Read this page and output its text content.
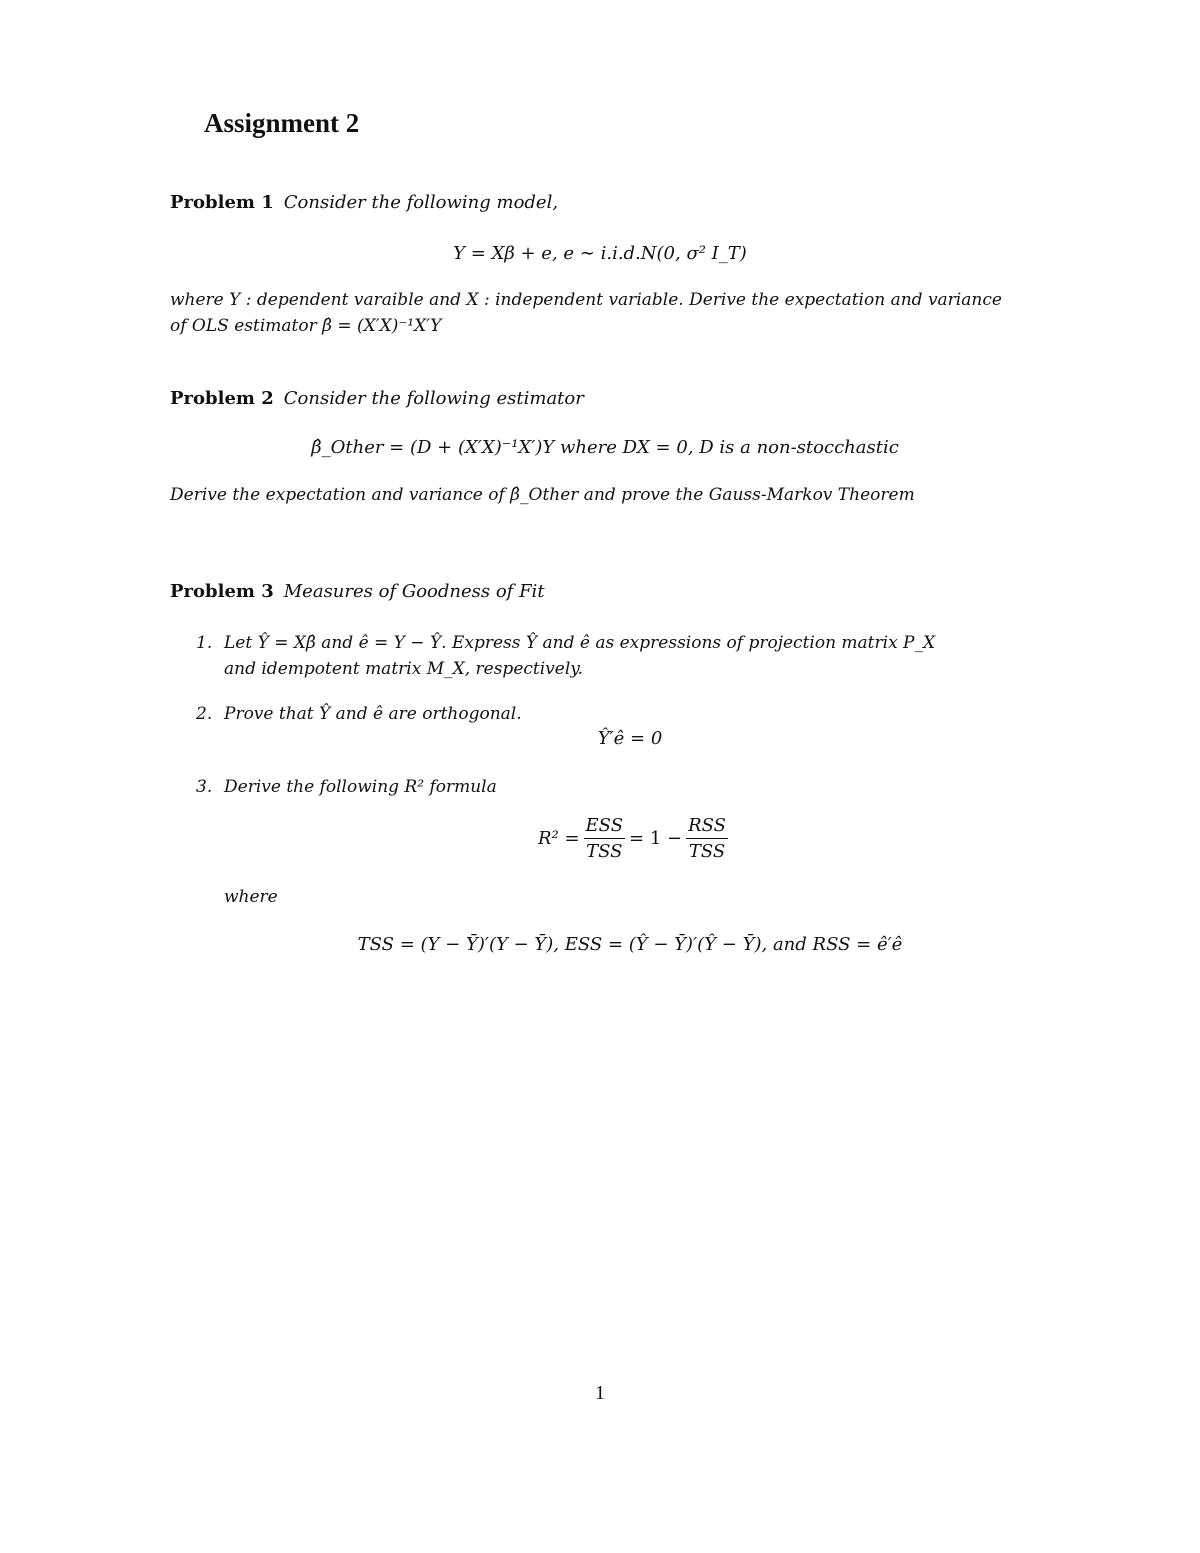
Assignment 2
Problem 1 Consider the following model,
Y = Xβ + e, e ∼ i.i.d.N(0, σ² I_T)
where Y : dependent varaible and X : independent variable. Derive the expectation and variance
of OLS estimator β̂ = (X′X)⁻¹X′Y
Problem 2 Consider the following estimator
β̂_Other = (D + (X′X)⁻¹X′)Y where DX = 0, D is a non-stocchastic
Derive the expectation and variance of β̂_Other and prove the Gauss-Markov Theorem
Problem 3 Measures of Goodness of Fit
1. Let Ŷ = Xβ̂ and ê = Y − Ŷ. Express Ŷ and ê as expressions of projection matrix P_X
and idempotent matrix M_X, respectively.
2. Prove that Ŷ and ê are orthogonal.
Ŷ′ê = 0
3. Derive the following R² formula
$R^2 = \frac{\text{ESS}}{\text{TSS}} = 1 - \frac{\text{RSS}}{\text{TSS}}$
where
TSS = (Y − Ȳ)′(Y − Ȳ), ESS = (Ŷ − Ȳ)′(Ŷ − Ȳ), and RSS = ê′ê
1
